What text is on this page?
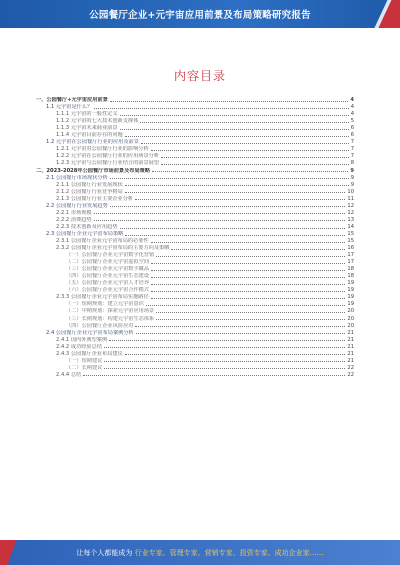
公园餐厅企业+元宇宙应用前景及布局策略研究报告
内容目录
一、公园餐厅+元宇宙应用前景	4
1.1 元宇宙是什么？	4
1.1.1 元宇宙的一般性定义	4
1.1.2 元宇宙的七大技术创新支撑体	5
1.1.3 元宇宙未来商业前景	6
1.1.4 元宇宙目前存在的问题	6
1.2 元宇宙在公园餐厅行业的应用及前景	7
1.2.1 元宇宙对公园餐厅行业的影响分析	7
1.2.2 元宇宙在公园餐厅行业的应用场景分析	7
1.2.3 元宇宙与公园餐厅行业结合的前景展望	8
二、2023-2028年公园餐厅市场前景及布局策略	9
2.1 公园餐厅市场现状分析	9
2.1.1 公园餐厅行业发展现状	9
2.1.2 公园餐厅行业竞争格局	10
2.1.3 公园餐厅行业主要企业分析	11
2.2 公园餐厅行业发展趋势	12
2.2.1 市场规模	12
2.2.2 消费趋势	13
2.2.3 技术创新及应用趋势	14
2.3 公园餐厅企业元宇宙布局策略	15
2.3.1 公园餐厅企业元宇宙布局的必要性	15
2.3.2 公园餐厅企业元宇宙布局的主要方向及策略	16
（一）公园餐厅企业元宇宙数字化营销	17
（二）公园餐厅企业元宇宙虚拟空间	17
（三）公园餐厅企业元宇宙数字藏品	18
（四）公园餐厅企业元宇宙生态建设	18
（五）公园餐厅企业元宇宙人才培养	19
（六）公园餐厅企业元宇宙合作模式	19
2.3.3 公园餐厅企业元宇宙布局实施路径	19
（一）短期规划：建立元宇宙意识	19
（二）中期规划：探索元宇宙应用场景	20
（三）长期规划：构建元宇宙生态体系	20
（四）公园餐厅企业风险应对	20
2.4 公园餐厅企业元宇宙布局案例分析	21
2.4.1 国内外典型案例	21
2.4.2 成功经验总结	21
2.4.3 公园餐厅企业布局建议	21
（一）短期建议	21
（二）长期建议	22
2.4.4 总结	22
让每个人都能成为 行业专家、管理专家、营销专家、投资专家、成功企业家……
